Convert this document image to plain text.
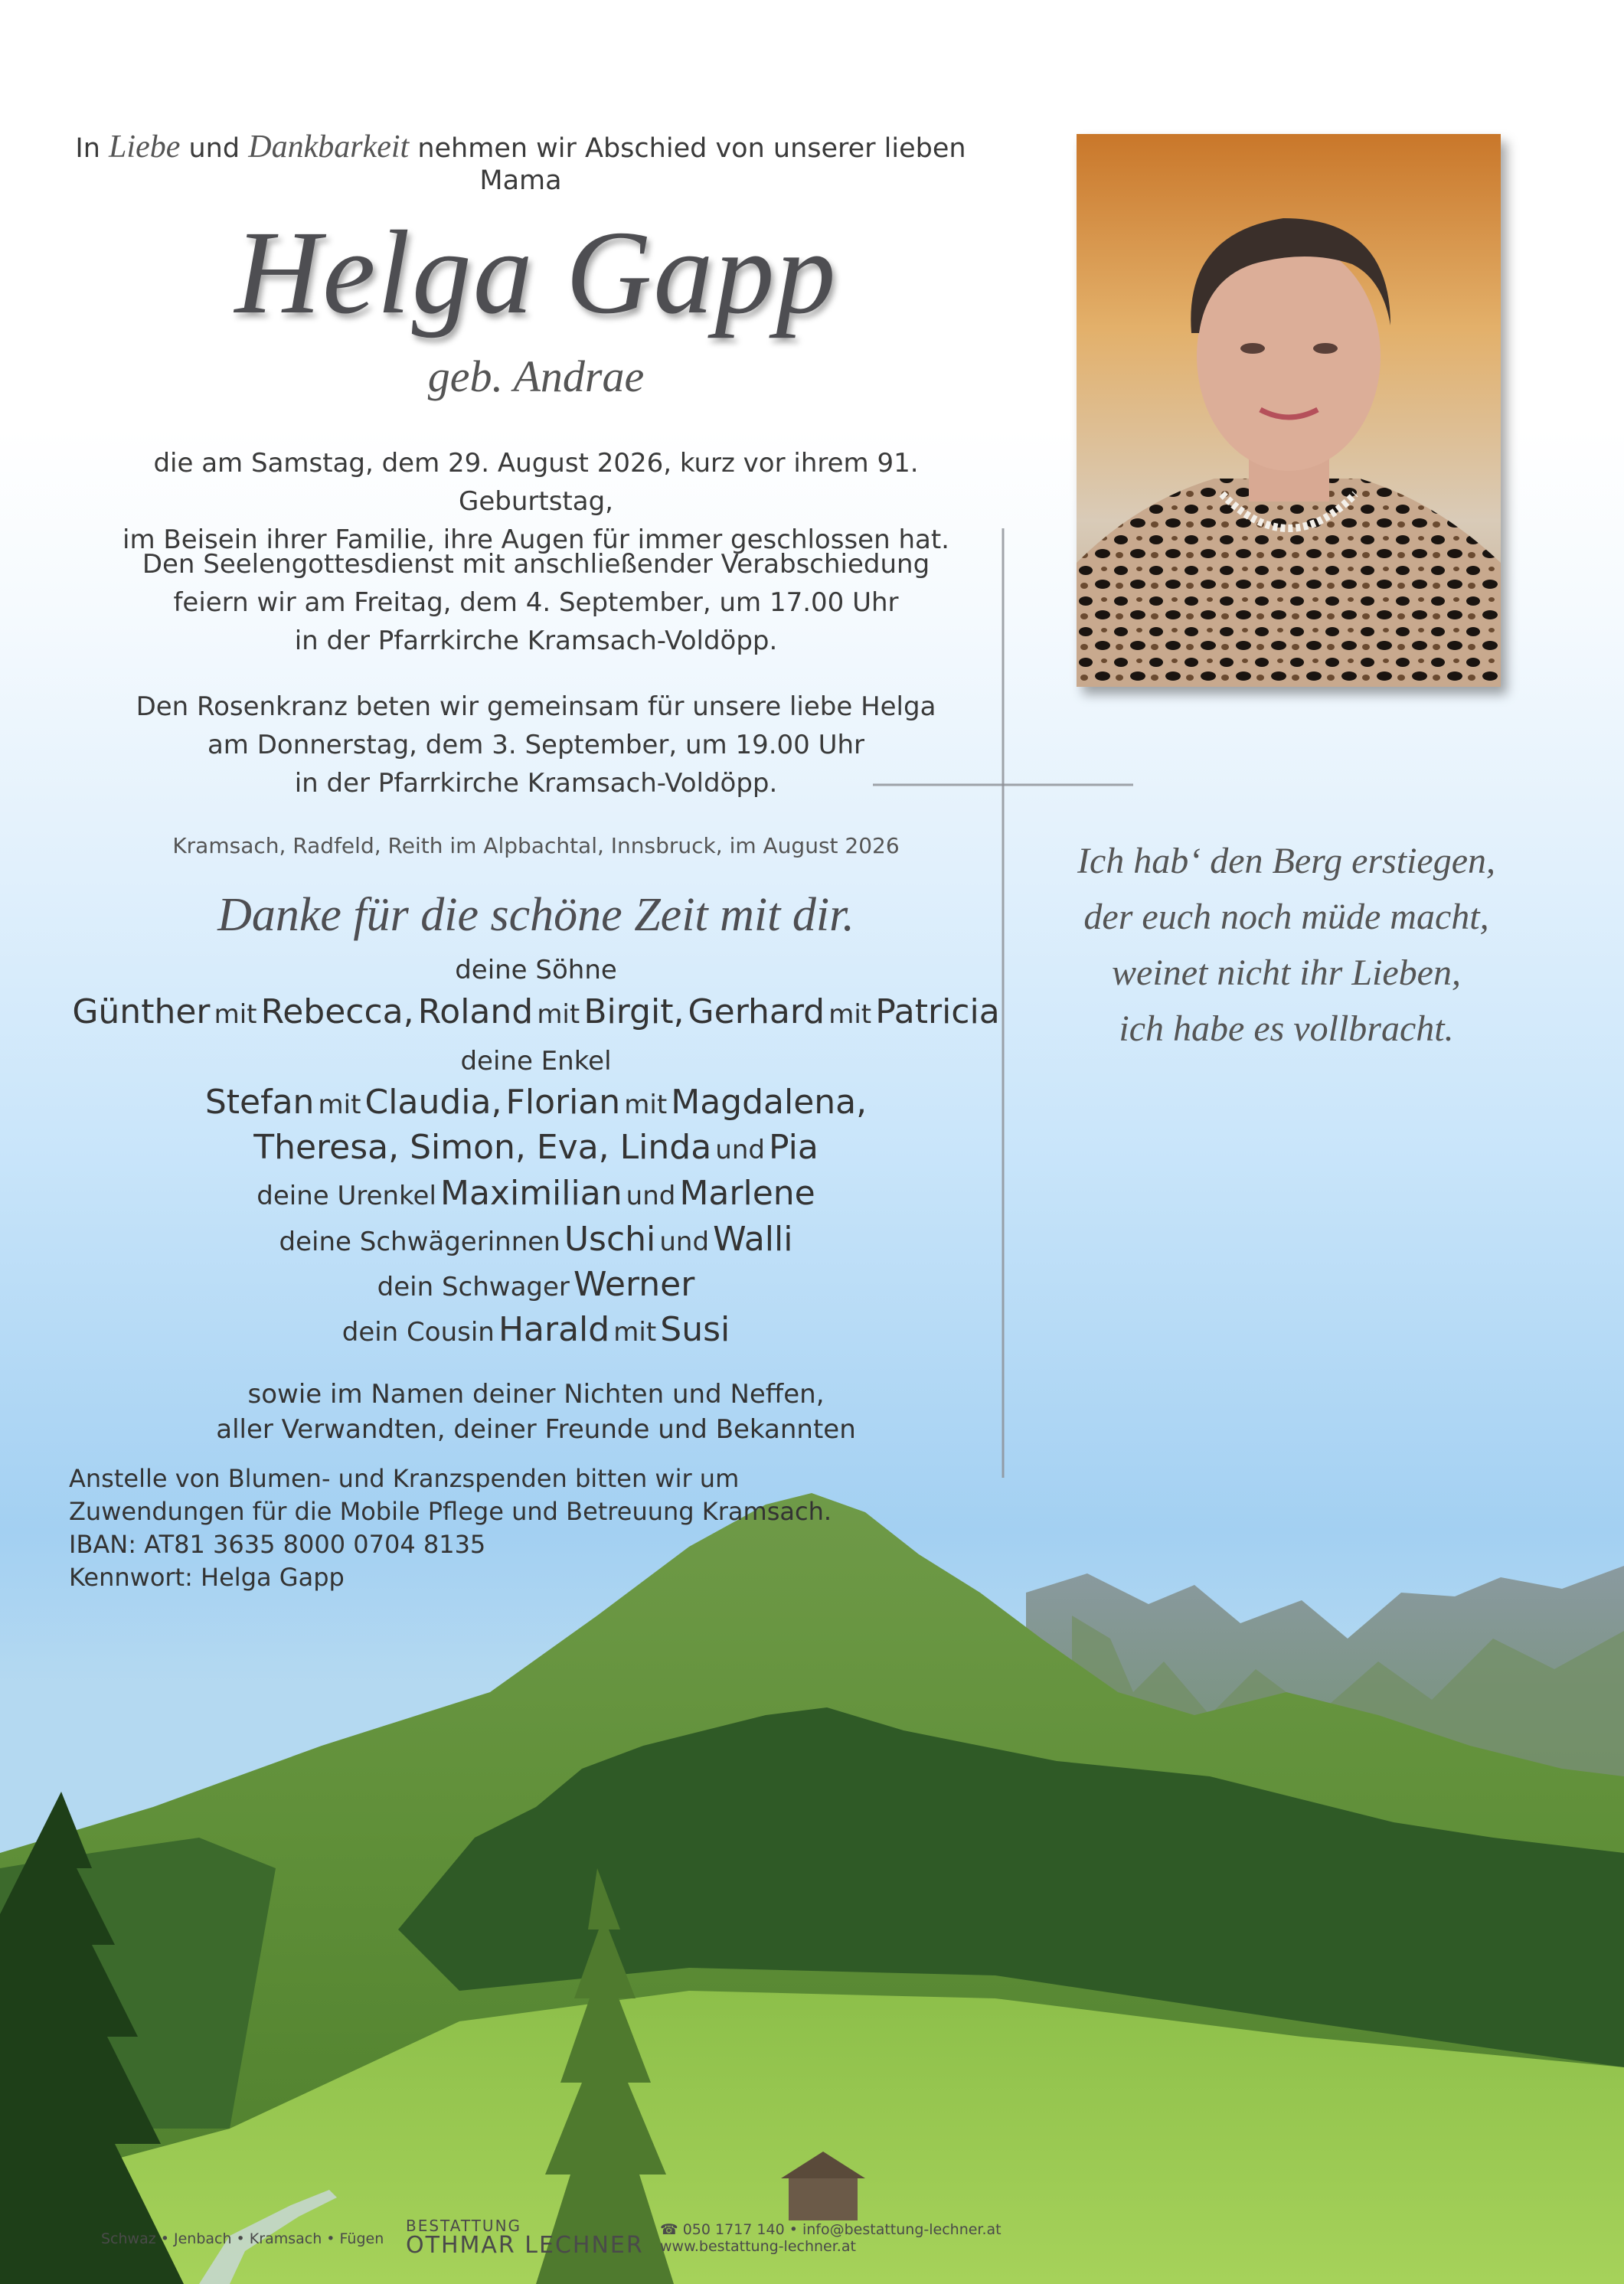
In Liebe und Dankbarkeit nehmen wir Abschied von unserer lieben Mama
Helga Gapp
geb. Andrae
die am Samstag, dem 29. August 2026, kurz vor ihrem 91. Geburtstag,
im Beisein ihrer Familie, ihre Augen für immer geschlossen hat.
Den Seelengottesdienst mit anschließender Verabschiedung
feiern wir am Freitag, dem 4. September, um 17.00 Uhr
in der Pfarrkirche Kramsach-Voldöpp.
Den Rosenkranz beten wir gemeinsam für unsere liebe Helga
am Donnerstag, dem 3. September, um 19.00 Uhr
in der Pfarrkirche Kramsach-Voldöpp.
Kramsach, Radfeld, Reith im Alpbachtal, Innsbruck, im August 2026
Danke für die schöne Zeit mit dir.
deine Söhne
Günther mit Rebecca, Roland mit Birgit, Gerhard mit Patricia
deine Enkel
Stefan mit Claudia, Florian mit Magdalena,
Theresa, Simon, Eva, Linda und Pia
deine Urenkel Maximilian und Marlene
deine Schwägerinnen Uschi und Walli
dein Schwager Werner
dein Cousin Harald mit Susi
sowie im Namen deiner Nichten und Neffen,
aller Verwandten, deiner Freunde und Bekannten
Anstelle von Blumen- und Kranzspenden bitten wir um
Zuwendungen für die Mobile Pflege und Betreuung Kramsach.
IBAN: AT81 3635 8000 0704 8135
Kennwort: Helga Gapp
Ich hab‘ den Berg erstiegen,
der euch noch müde macht,
weinet nicht ihr Lieben,
ich habe es vollbracht.
Schwaz • Jenbach • Kramsach • Fügen
BESTATTUNG
OTHMAR LECHNER
☎ 050 1717 140 • info@bestattung-lechner.at
www.bestattung-lechner.at
